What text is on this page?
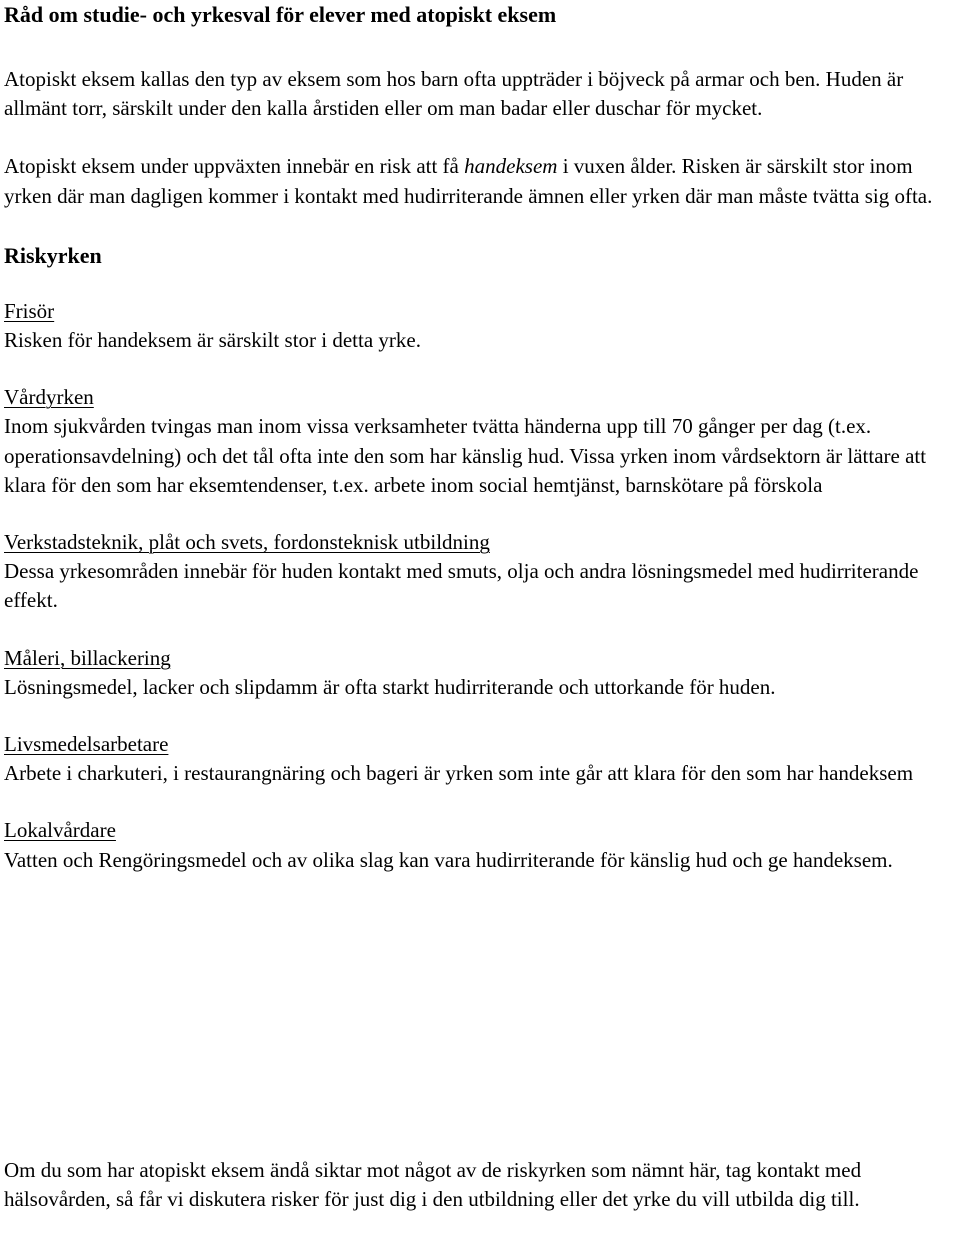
Råd om studie- och yrkesval för elever med atopiskt eksem

Atopiskt eksem kallas den typ av eksem som hos barn ofta uppträder i böjveck på armar och ben. Huden är allmänt torr, särskilt under den kalla årstiden eller om man badar eller duschar för mycket.

Atopiskt eksem under uppväxten innebär en risk att få handeksem i vuxen ålder. Risken är särskilt stor inom yrken där man dagligen kommer i kontakt med hudirriterande ämnen eller yrken där man måste tvätta sig ofta.

Riskyrken
Frisör
Risken för handeksem är särskilt stor i detta yrke.
Vårdyrken
Inom sjukvården tvingas man inom vissa verksamheter tvätta händerna upp till 70 gånger per dag (t.ex. operationsavdelning) och det tål ofta inte den som har känslig hud. Vissa yrken inom vårdsektorn är lättare att klara för den som har eksemtendenser, t.ex. arbete inom social hemtjänst, barnskötare på förskola
Verkstadsteknik, plåt och svets, fordonsteknisk utbildning
Dessa yrkesområden innebär för huden kontakt med smuts, olja och andra lösningsmedel med hudirriterande effekt.
Måleri, billackering
Lösningsmedel, lacker och slipdamm är ofta starkt hudirriterande och uttorkande för huden.
Livsmedelsarbetare
Arbete i charkuteri, i restaurangnäring och bageri är yrken som inte går att klara för den som har handeksem
Lokalvårdare
Vatten och Rengöringsmedel och av olika slag kan vara hudirriterande för känslig hud och ge handeksem.

Om du som har atopiskt eksem ändå siktar mot något av de riskyrken som nämnt här, tag kontakt med hälsovården, så får vi diskutera risker för just dig i den utbildning eller det yrke du vill utbilda dig till.
